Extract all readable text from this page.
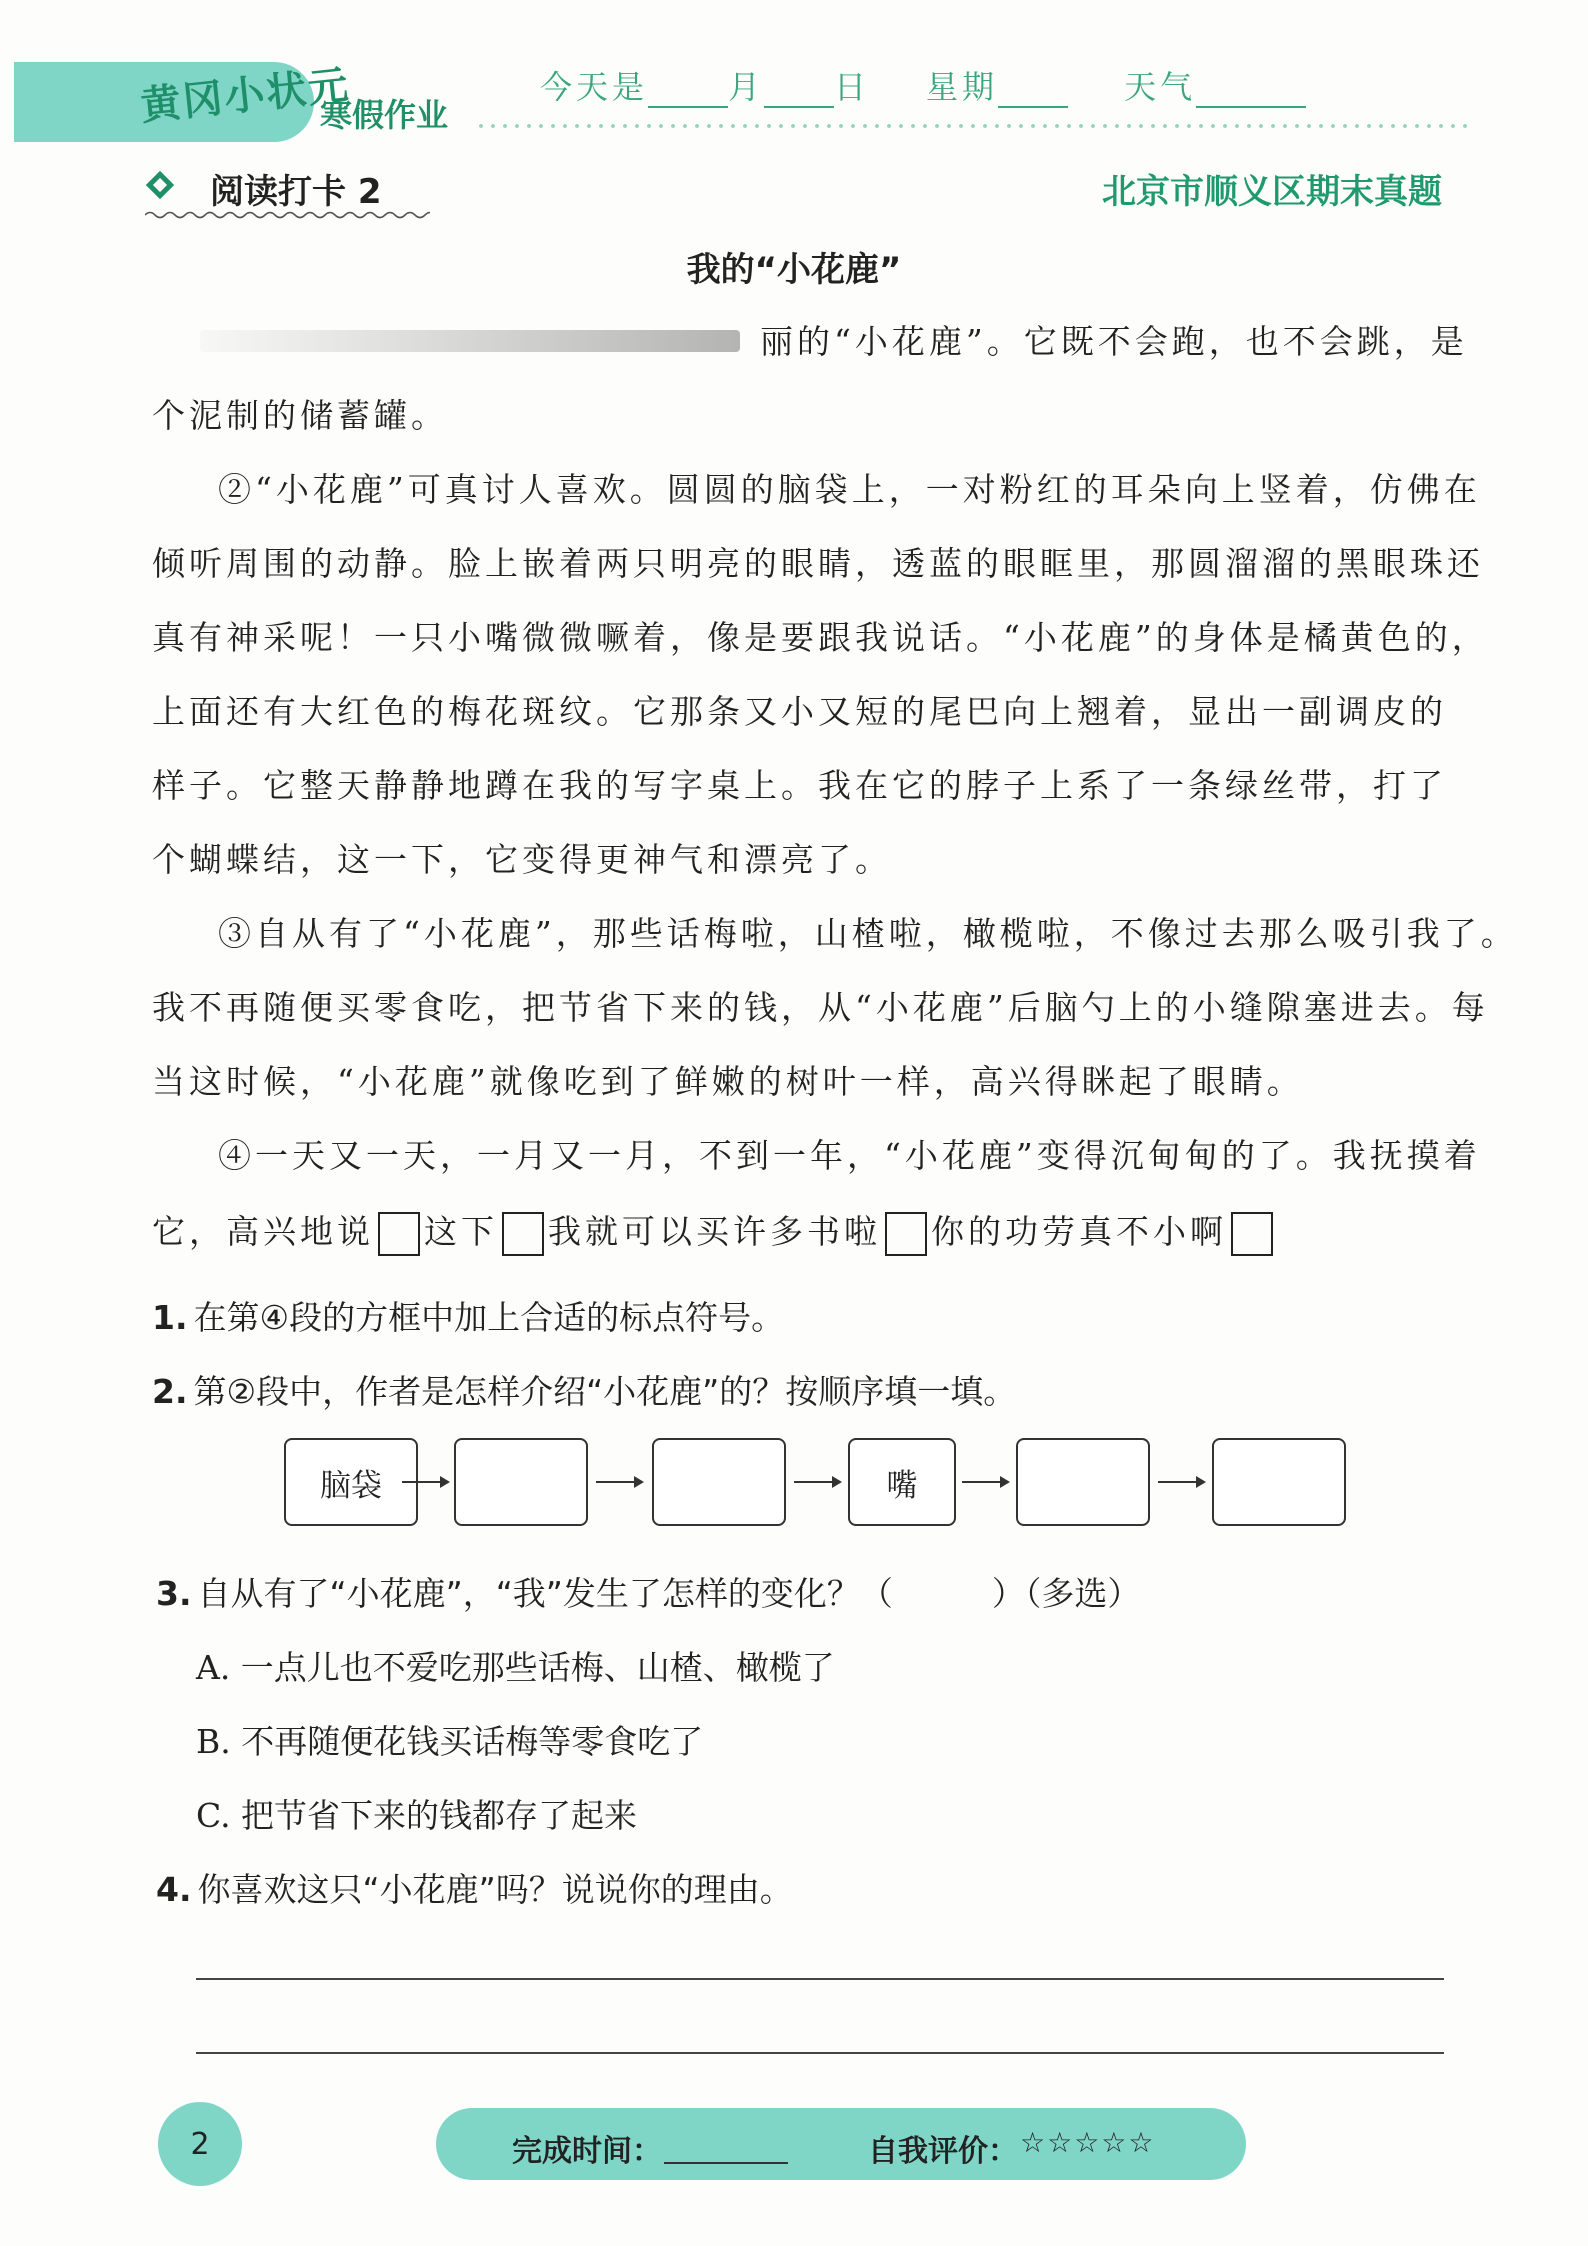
黄冈小状元
寒假作业
今天是	月 日 星期	天气
阅读打卡 2	北京市顺义区期末真题
我的“小花鹿”
丽的“小花鹿”。它既不会跑，也不会跳，是
个泥制的储蓄罐。
②“小花鹿”可真讨人喜欢。圆圆的脑袋上，一对粉红的耳朵向上竖着，仿佛在
倾听周围的动静。脸上嵌着两只明亮的眼睛，透蓝的眼眶里，那圆溜溜的黑眼珠还
真有神采呢！一只小嘴微微噘着，像是要跟我说话。“小花鹿”的身体是橘黄色的，
上面还有大红色的梅花斑纹。它那条又小又短的尾巴向上翘着，显出一副调皮的
样子。它整天静静地蹲在我的写字桌上。我在它的脖子上系了一条绿丝带，打了
个蝴蝶结，这一下，它变得更神气和漂亮了。
③自从有了“小花鹿”，那些话梅啦，山楂啦，橄榄啦，不像过去那么吸引我了。
我不再随便买零食吃，把节省下来的钱，从“小花鹿”后脑勺上的小缝隙塞进去。每
当这时候，“小花鹿”就像吃到了鲜嫩的树叶一样，高兴得眯起了眼睛。
④一天又一天，一月又一月，不到一年，“小花鹿”变得沉甸甸的了。我抚摸着
它，高兴地说 这下 我就可以买许多书啦 你的功劳真不小啊
1. 在第④段的方框中加上合适的标点符号。
2. 第②段中，作者是怎样介绍“小花鹿”的？按顺序填一填。
脑袋	嘴
3. 自从有了“小花鹿”，“我”发生了怎样的变化？（　　　）（多选）
A. 一点儿也不爱吃那些话梅、山楂、橄榄了
B. 不再随便花钱买话梅等零食吃了
C. 把节省下来的钱都存了起来
4. 你喜欢这只“小花鹿”吗？说说你的理由。
2	完成时间：	自我评价： ☆☆☆☆☆
